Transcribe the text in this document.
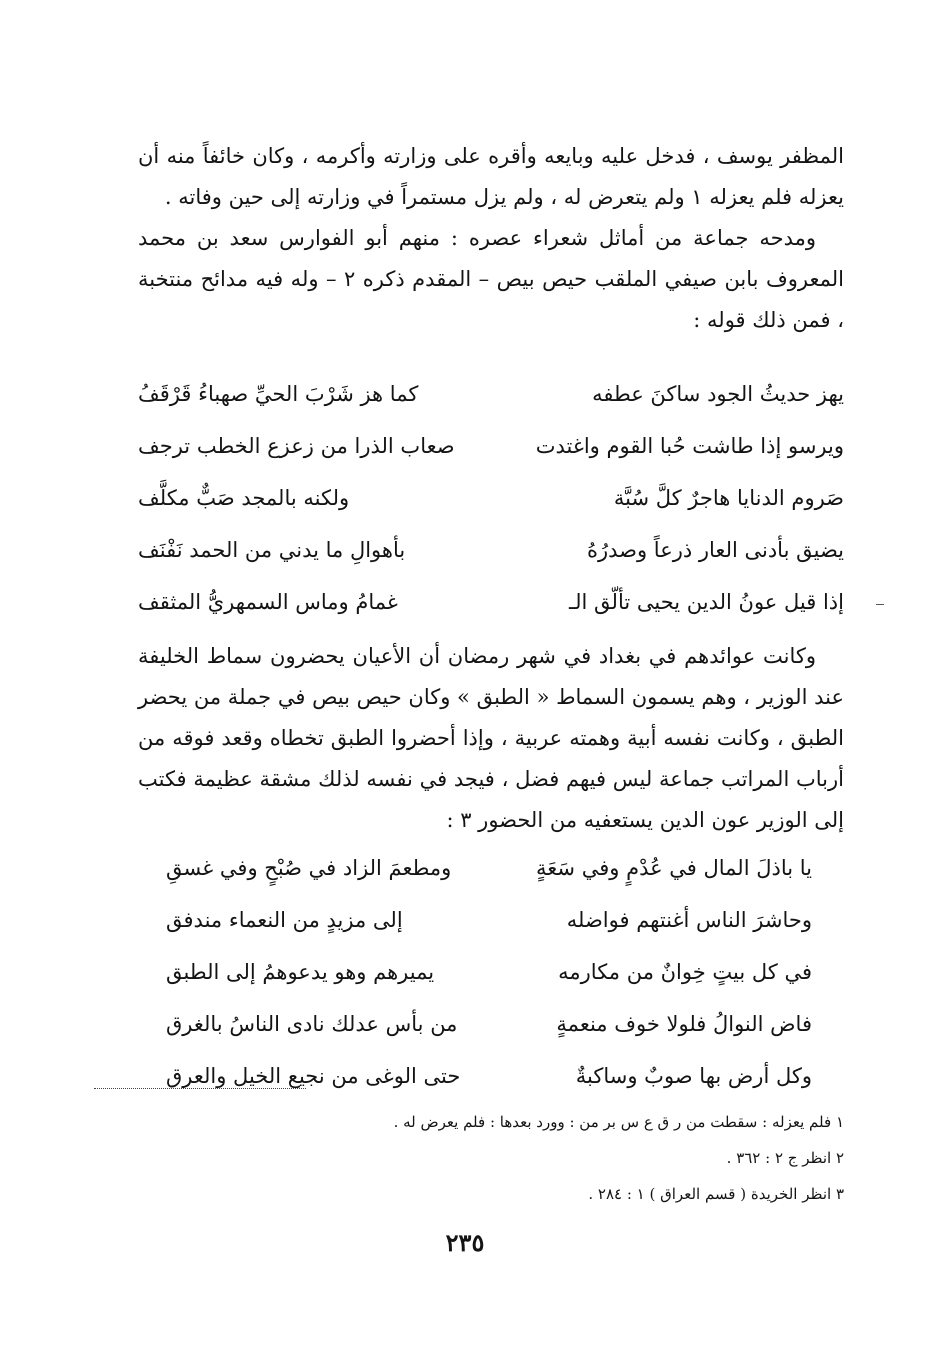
المظفر يوسف ، فدخل عليه وبايعه وأقره على وزارته وأكرمه ، وكان خائفاً منه أن يعزله فلم يعزله ١ ولم يتعرض له ، ولم يزل مستمراً في وزارته إلى حين وفاته .

ومدحه جماعة من أماثل شعراء عصره : منهم أبو الفوارس سعد بن محمد المعروف بابن صيفي الملقب حيص بيص – المقدم ذكره ٢ – وله فيه مدائح منتخبة ، فمن ذلك قوله :

يهز حديثُ الجود ساكنَ عطفه
كما هز شَرْبَ الحيِّ صهباءُ قَرْقَفُ
ويرسو إذا طاشت حُبا القوم واغتدت
صعاب الذرا من زعزع الخطب ترجف
صَروم الدنايا هاجرٌ كلَّ سُبَّة
ولكنه بالمجد صَبٌّ مكلَّف
يضيق بأدنى العار ذرعاً وصدرُهُ
بأهوالِ ما يدني من الحمد نَفْنَف
إذا قيل عونُ الدين يحيى تألّق الـ
غمامُ وماس السمهريُّ المثقف

وكانت عوائدهم في بغداد في شهر رمضان أن الأعيان يحضرون سماط الخليفة عند الوزير ، وهم يسمون السماط « الطبق » وكان حيص بيص في جملة من يحضر الطبق ، وكانت نفسه أبية وهمته عربية ، وإذا أحضروا الطبق تخطاه وقعد فوقه من أرباب المراتب جماعة ليس فيهم فضل ، فيجد في نفسه لذلك مشقة عظيمة فكتب إلى الوزير عون الدين يستعفيه من الحضور ٣ :

يا باذلَ المال في عُدْمٍ وفي سَعَةٍ
ومطعمَ الزاد في صُبْحٍ وفي غسقِ
وحاشرَ الناس أغنتهم فواضله
إلى مزيدٍ من النعماء مندفق
في كل بيتٍ خِوانٌ من مكارمه
يميرهم وهو يدعوهمُ إلى الطبق
فاض النوالُ فلولا خوف منعمةٍ
من بأس عدلك نادى الناسُ بالغرق
وكل أرض بها صوبٌ وساكبةٌ
حتى الوغى من نجيع الخيل والعرق
١ فلم يعزله : سقطت من ر ق ع س بر من : وورد بعدها : فلم يعرض له .
٢ انظر ج ٢ : ٣٦٢ .
٣ انظر الخريدة ( قسم العراق ) ١ : ٢٨٤ .
٢٣٥
